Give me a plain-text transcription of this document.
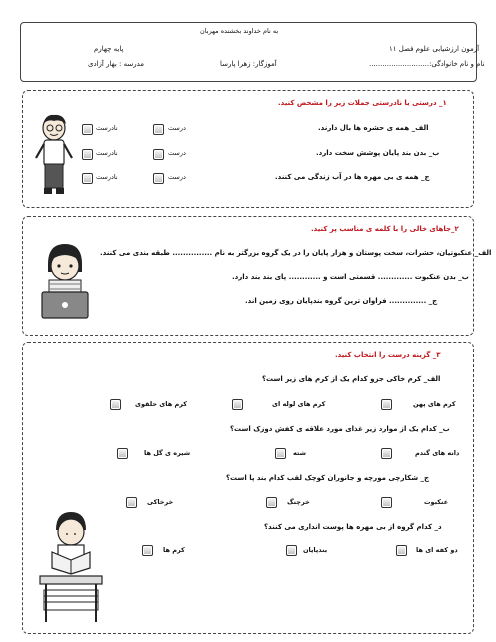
به نام خداوند بخشنده مهربان
پایه چهارم	آزمون ارزشیابی علوم فصل ۱۱
آموزگار: زهرا پارسا
مدرسه : بهار آزادی	نام و نام خانوادگی:...........................
۱_ درستی یا نادرستی جملات زیر را مشخص کنید.
الف_ همه ی حشره ها بال دارند.
درست
نادرست
ب_ بدن بند پایان پوشش سخت دارد.
درست
نادرست
ج_ همه ی بی مهره ها در آب زندگی می کنند.
درست
نادرست
۲_جاهای خالی را با کلمه ی مناسب پر کنید.
الف_ عنکبوتیان، حشرات، سخت پوستان و هزار پایان را در یک گروه بزرگتر به نام ............... طبقه بندی می کنند.
ب_ بدن عنکبوت ............. قسمتی است و ............ پای بند بند دارد.
ج_ .............. فراوان ترین گروه بندپایان روی زمین اند.
۳_ گزینه درست را انتخاب کنید.
الف_ کرم خاکی جزو کدام یک از کرم های زیر است؟
کرم های پهن
کرم های لوله ای
کرم های حلقوی
ب_ کدام یک از موارد زیر غذای مورد علاقه ی کفش دوزک است؟
دانه های گندم
شته
شیره ی گل ها
ج_ شکارچی مورچه و جانوران کوچک لقب کدام بند پا است؟
عنکبوت
خرچنگ
خرخاکی
د_ کدام گروه از بی مهره ها پوست انداری می کنند؟
دو کفه ای ها
بندپایان
کرم ها
